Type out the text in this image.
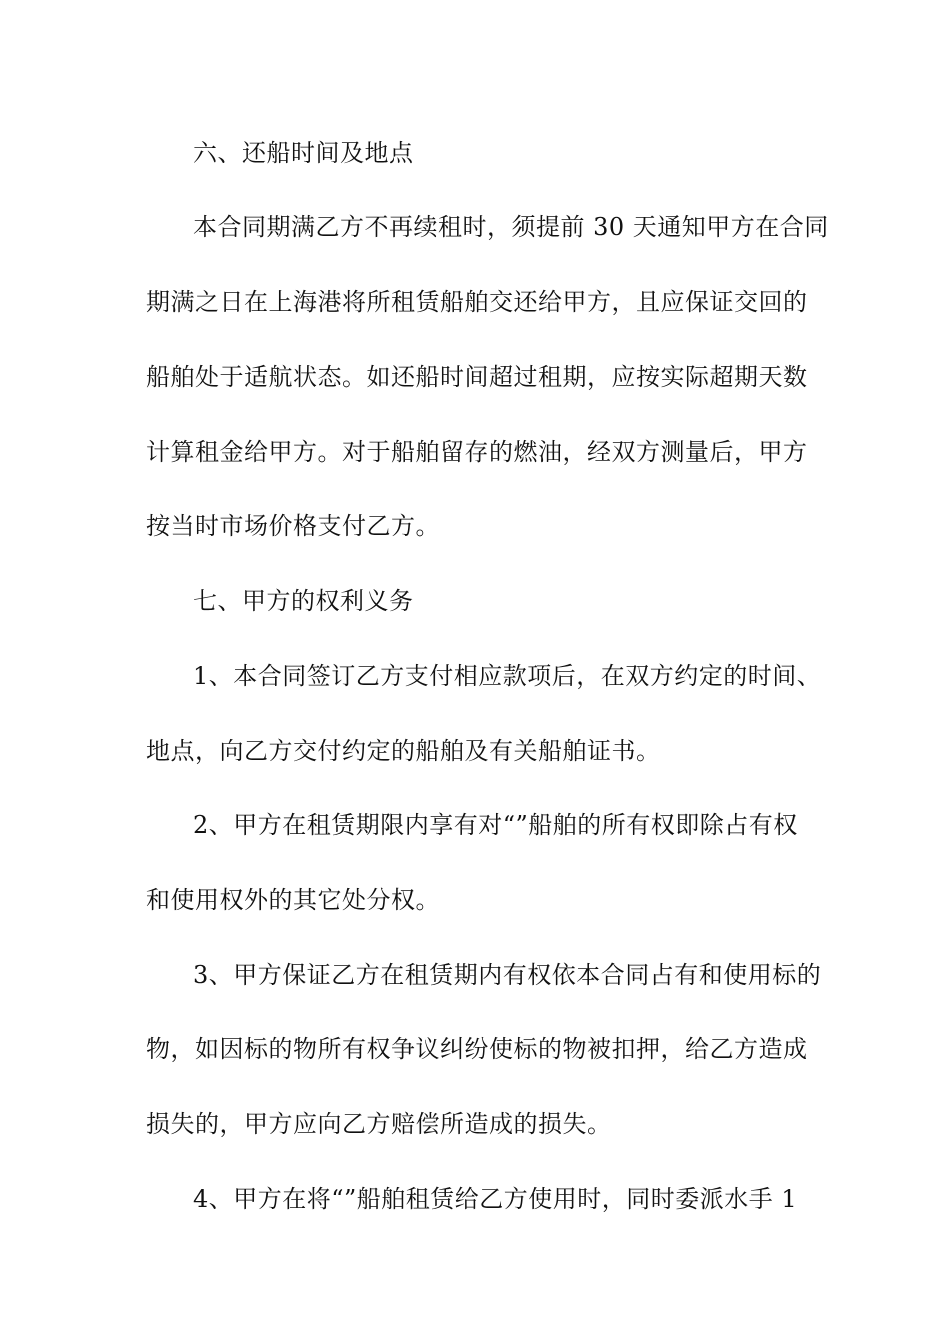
六、还船时间及地点
本合同期满乙方不再续租时，须提前 30 天通知甲方在合同
期满之日在上海港将所租赁船舶交还给甲方，且应保证交回的
船舶处于适航状态。如还船时间超过租期，应按实际超期天数
计算租金给甲方。对于船舶留存的燃油，经双方测量后，甲方
按当时市场价格支付乙方。
七、甲方的权利义务
1、本合同签订乙方支付相应款项后，在双方约定的时间、
地点，向乙方交付约定的船舶及有关船舶证书。
2、甲方在租赁期限内享有对“”船舶的所有权即除占有权
和使用权外的其它处分权。
3、甲方保证乙方在租赁期内有权依本合同占有和使用标的
物，如因标的物所有权争议纠纷使标的物被扣押，给乙方造成
损失的，甲方应向乙方赔偿所造成的损失。
4、甲方在将“”船舶租赁给乙方使用时，同时委派水手 1
